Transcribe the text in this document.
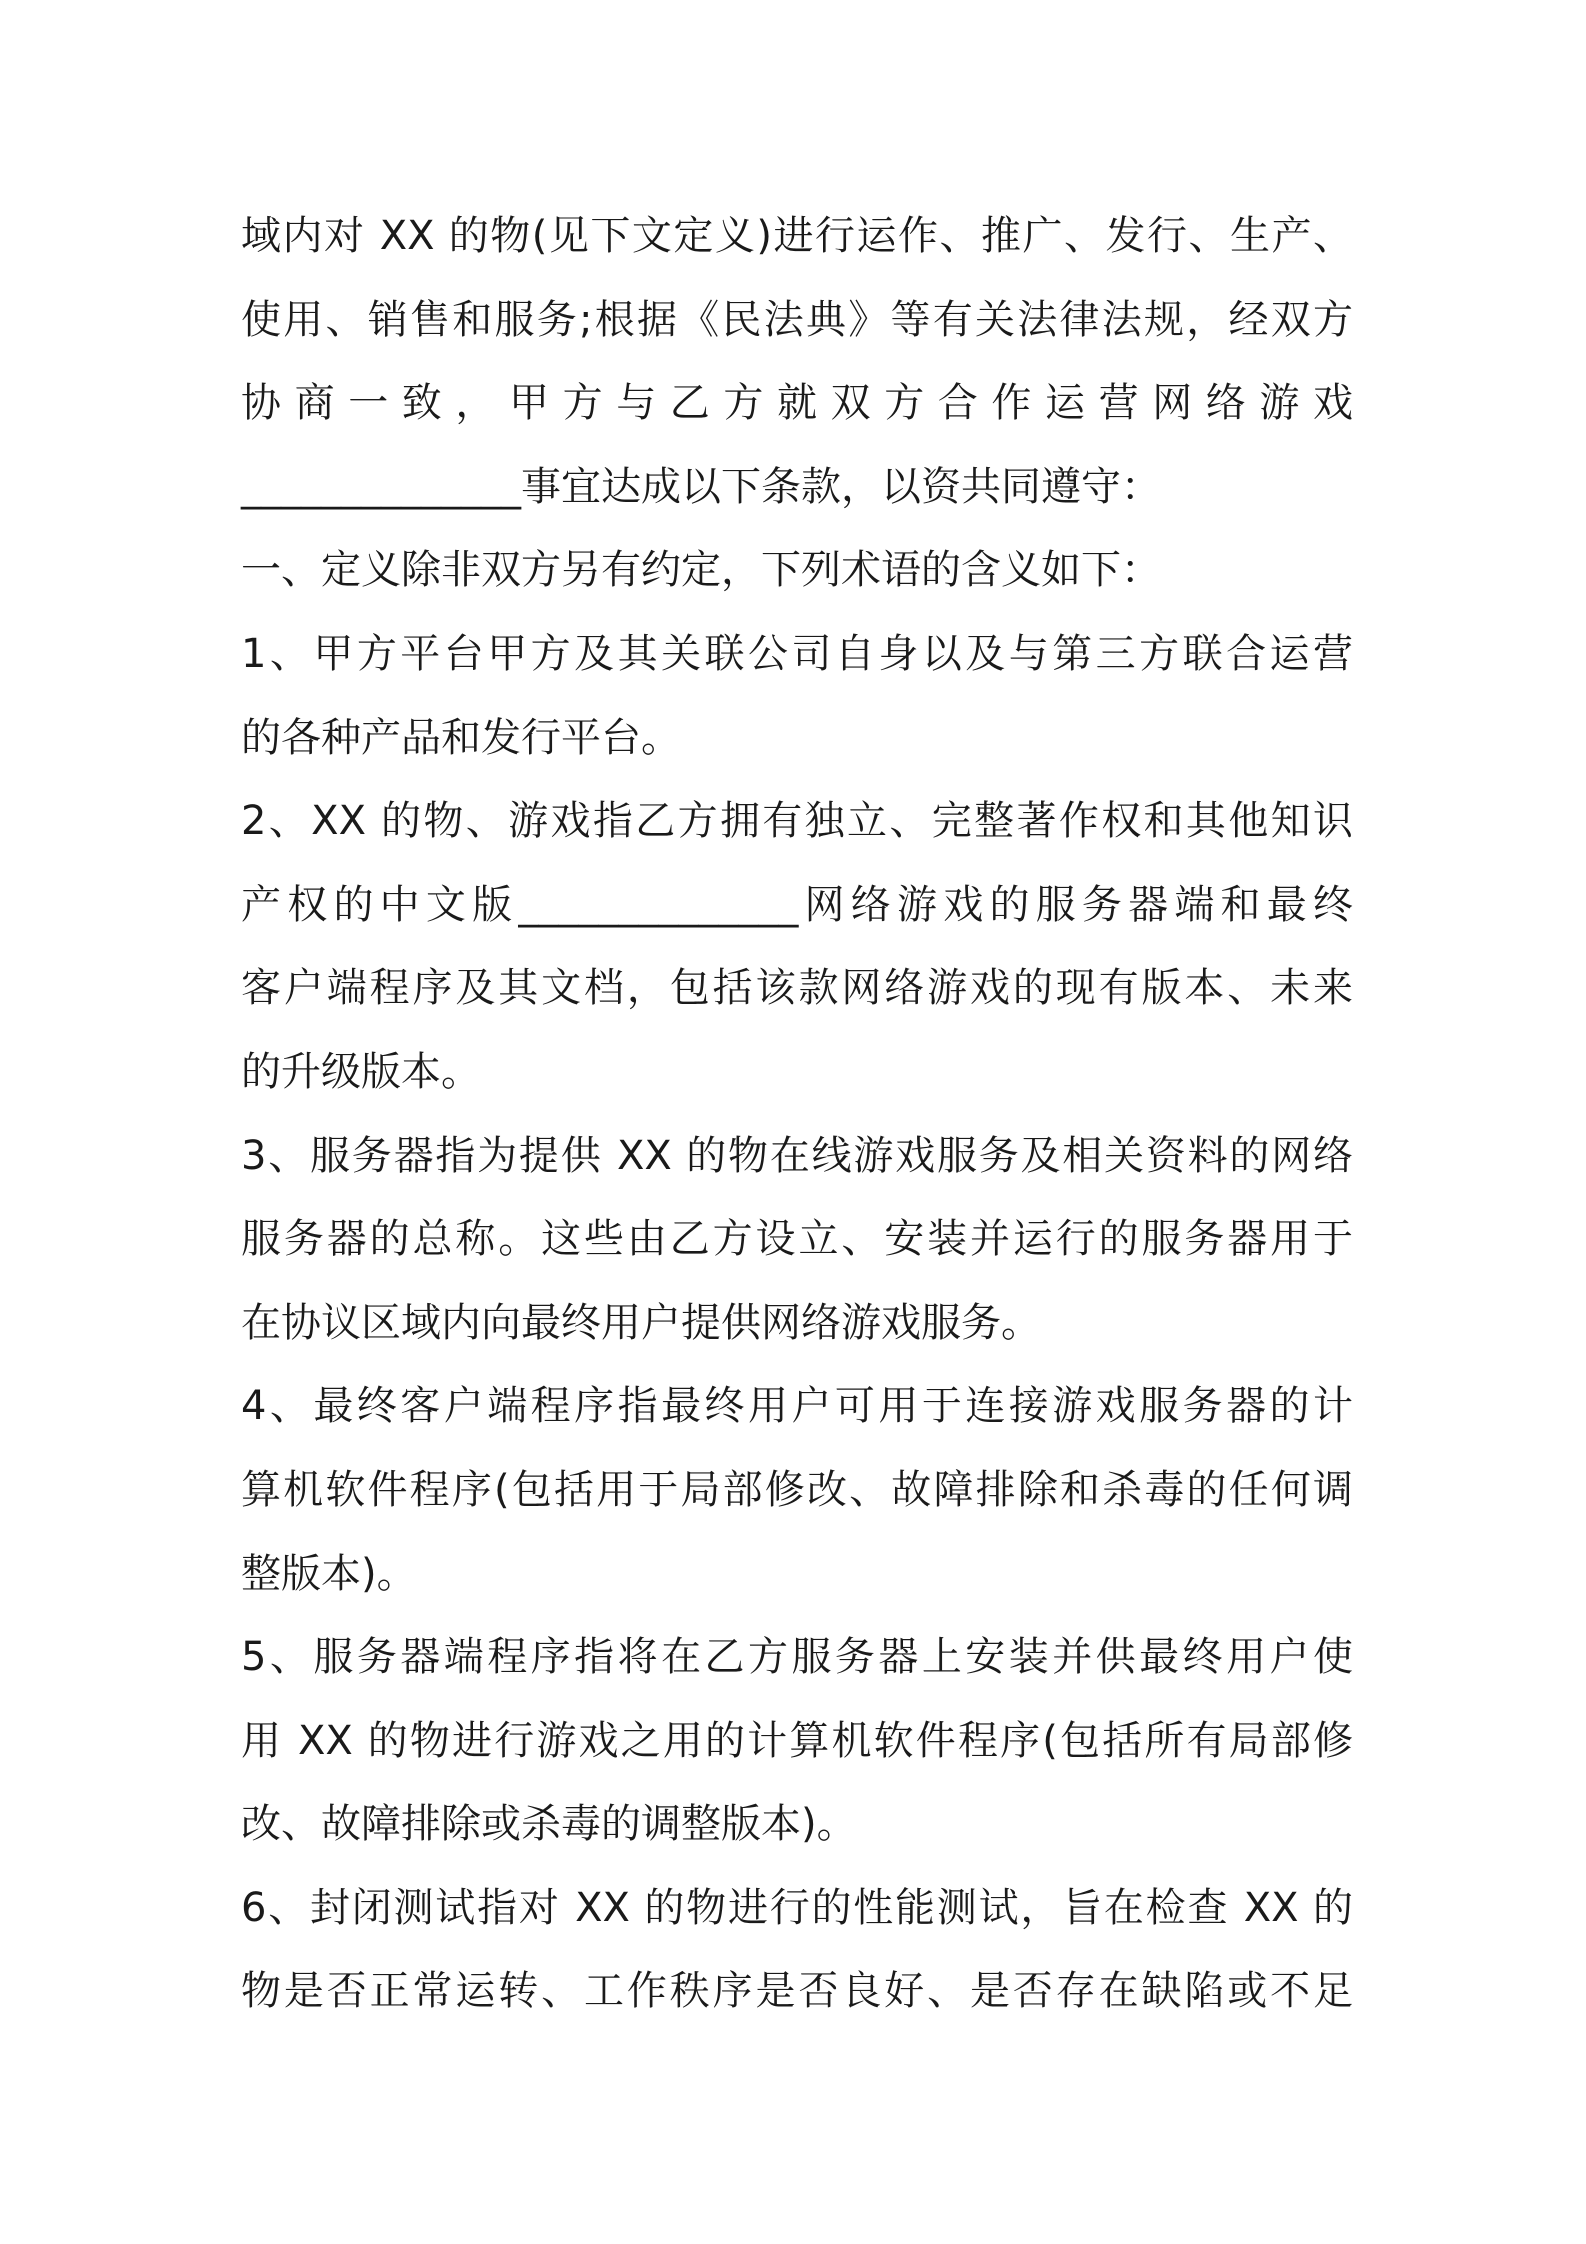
域内对 XX 的物(见下文定义)进行运作、推广、发行、生产、
使用、销售和服务;根据《民法典》等有关法律法规，经双方
协商一致，甲方与乙方就双方合作运营网络游戏
______________事宜达成以下条款，以资共同遵守：
一、定义除非双方另有约定，下列术语的含义如下：
1、甲方平台甲方及其关联公司自身以及与第三方联合运营
的各种产品和发行平台。
2、XX 的物、游戏指乙方拥有独立、完整著作权和其他知识
产权的中文版______________网络游戏的服务器端和最终
客户端程序及其文档，包括该款网络游戏的现有版本、未来
的升级版本。
3、服务器指为提供 XX 的物在线游戏服务及相关资料的网络
服务器的总称。这些由乙方设立、安装并运行的服务器用于
在协议区域内向最终用户提供网络游戏服务。
4、最终客户端程序指最终用户可用于连接游戏服务器的计
算机软件程序(包括用于局部修改、故障排除和杀毒的任何调
整版本)。
5、服务器端程序指将在乙方服务器上安装并供最终用户使
用 XX 的物进行游戏之用的计算机软件程序(包括所有局部修
改、故障排除或杀毒的调整版本)。
6、封闭测试指对 XX 的物进行的性能测试，旨在检查 XX 的
物是否正常运转、工作秩序是否良好、是否存在缺陷或不足
